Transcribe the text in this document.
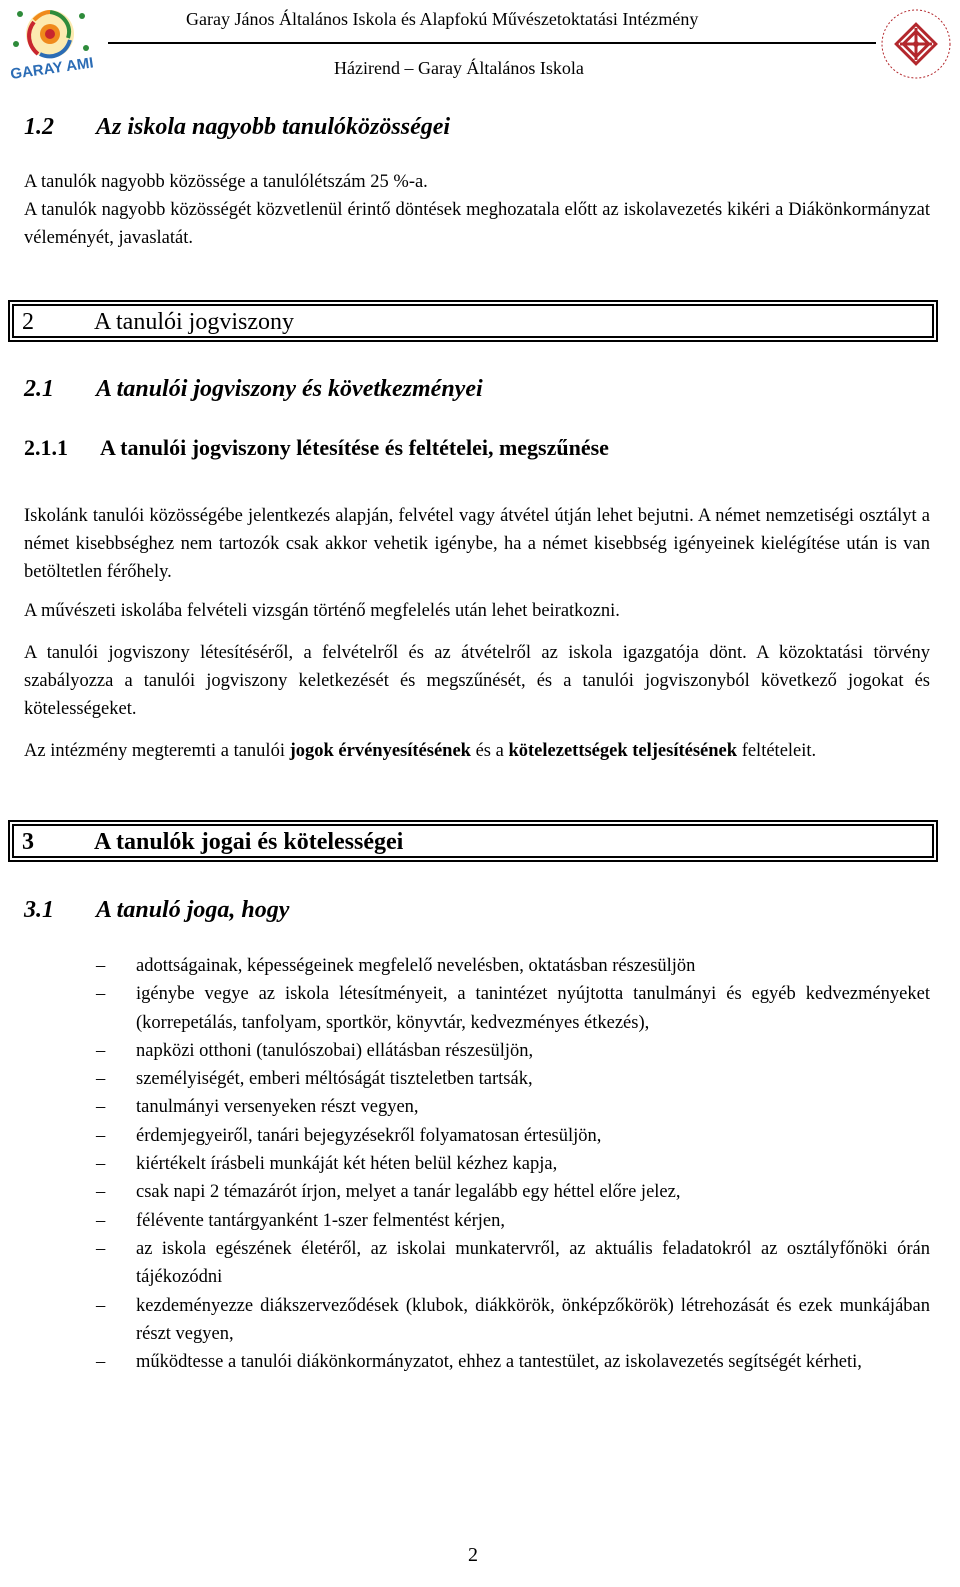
GARAY AMI
Garay János Általános Iskola és Alapfokú Művészetoktatási Intézmény
Házirend – Garay Általános Iskola
1.2 Az iskola nagyobb tanulóközösségei
A tanulók nagyobb közössége a tanulólétszám 25 %-a.
A tanulók nagyobb közösségét közvetlenül érintő döntések meghozatala előtt az iskolavezetés kikéri a Diákönkormányzat véleményét, javaslatát.
2	A tanulói jogviszony
2.1 A tanulói jogviszony és következményei
2.1.1 A tanulói jogviszony létesítése és feltételei, megszűnése
Iskolánk tanulói közösségébe jelentkezés alapján, felvétel vagy átvétel útján lehet bejutni. A német nemzetiségi osztályt a német kisebbséghez nem tartozók csak akkor vehetik igénybe, ha a német kisebbség igényeinek kielégítése után is van betöltetlen férőhely.
A művészeti iskolába felvételi vizsgán történő megfelelés után lehet beiratkozni.
A tanulói jogviszony létesítéséről, a felvételről és az átvételről az iskola igazgatója dönt. A közoktatási törvény szabályozza a tanulói jogviszony keletkezését és megszűnését, és a tanulói jogviszonyból következő jogokat és kötelességeket.
Az intézmény megteremti a tanulói jogok érvényesítésének és a kötelezettségek teljesítésének feltételeit.
3	A tanulók jogai és kötelességei
3.1 A tanuló joga, hogy
–	adottságainak, képességeinek megfelelő nevelésben, oktatásban részesüljön
–	igénybe vegye az iskola létesítményeit, a tanintézet nyújtotta tanulmányi és egyéb kedvezményeket (korrepetálás, tanfolyam, sportkör, könyvtár, kedvezményes étkezés),
–	napközi otthoni (tanulószobai) ellátásban részesüljön,
–	személyiségét, emberi méltóságát tiszteletben tartsák,
–	tanulmányi versenyeken részt vegyen,
–	érdemjegyeiről, tanári bejegyzésekről folyamatosan értesüljön,
–	kiértékelt írásbeli munkáját két héten belül kézhez kapja,
–	csak napi 2 témazárót írjon, melyet a tanár legalább egy héttel előre jelez,
–	félévente tantárgyanként 1-szer felmentést kérjen,
–	az iskola egészének életéről, az iskolai munkatervről, az aktuális feladatokról az osztályfőnöki órán tájékozódni
–	kezdeményezze diákszerveződések (klubok, diákkörök, önképzőkörök) létrehozását és ezek munkájában részt vegyen,
–	működtesse a tanulói diákönkormányzatot, ehhez a tantestület, az iskolavezetés segítségét kérheti,
2
